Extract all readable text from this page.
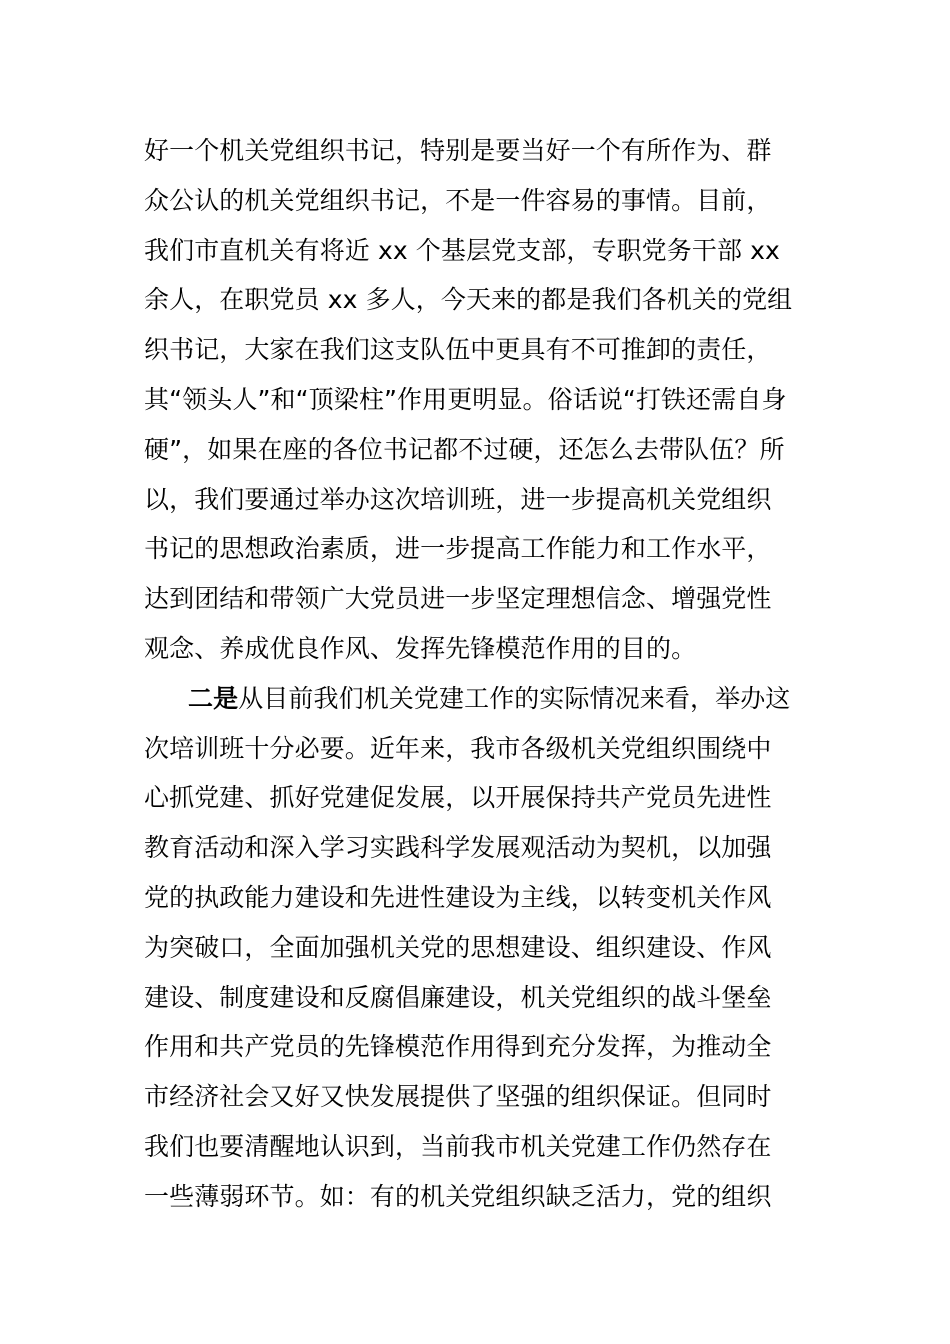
好一个机关党组织书记，特别是要当好一个有所作为、群
众公认的机关党组织书记，不是一件容易的事情。目前，
我们市直机关有将近 xx 个基层党支部，专职党务干部 xx
余人，在职党员 xx 多人，今天来的都是我们各机关的党组
织书记，大家在我们这支队伍中更具有不可推卸的责任，
其“领头人”和“顶梁柱”作用更明显。俗话说“打铁还需自身
硬”，如果在座的各位书记都不过硬，还怎么去带队伍？所
以，我们要通过举办这次培训班，进一步提高机关党组织
书记的思想政治素质，进一步提高工作能力和工作水平，
达到团结和带领广大党员进一步坚定理想信念、增强党性
观念、养成优良作风、发挥先锋模范作用的目的。
二是从目前我们机关党建工作的实际情况来看，举办这
次培训班十分必要。近年来，我市各级机关党组织围绕中
心抓党建、抓好党建促发展，以开展保持共产党员先进性
教育活动和深入学习实践科学发展观活动为契机，以加强
党的执政能力建设和先进性建设为主线，以转变机关作风
为突破口，全面加强机关党的思想建设、组织建设、作风
建设、制度建设和反腐倡廉建设，机关党组织的战斗堡垒
作用和共产党员的先锋模范作用得到充分发挥，为推动全
市经济社会又好又快发展提供了坚强的组织保证。但同时
我们也要清醒地认识到，当前我市机关党建工作仍然存在
一些薄弱环节。如：有的机关党组织缺乏活力，党的组织
